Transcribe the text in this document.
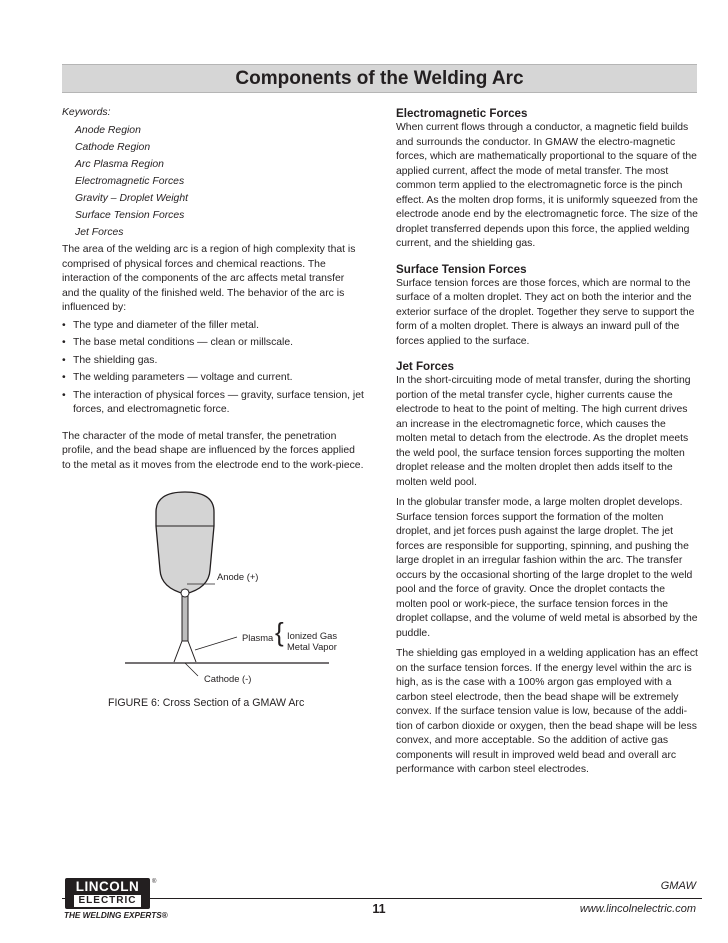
Components of the Welding Arc

Keywords:

Anode Region
Cathode Region
Arc Plasma Region
Electromagnetic Forces
Gravity – Droplet Weight
Surface Tension Forces
Jet Forces

The area of the welding arc is a region of high complexity that is comprised of physical forces and chemical reactions. The interaction of the components of the arc affects metal transfer and the quality of the finished weld. The behavior of the arc is influenced by:

• The type and diameter of the filler metal.
• The base metal conditions — clean or millscale.
• The shielding gas.
• The welding parameters — voltage and current.
• The interaction of physical forces — gravity, surface tension, jet forces, and electromagnetic force.

The character of the mode of metal transfer, the penetration profile, and the bead shape are influenced by the forces applied to the metal as it moves from the electrode end to the work-piece.

Anode (+)
Plasma { Ionized Gas
Metal Vapor
Cathode (-)
FIGURE 6: Cross Section of a GMAW Arc
Electromagnetic Forces

When current flows through a conductor, a magnetic field builds and surrounds the conductor. In GMAW the electro-magnetic forces, which are mathematically proportional to the square of the applied current, affect the mode of metal transfer. The most common term applied to the electromagnetic force is the pinch effect. As the molten drop forms, it is uniformly squeezed from the electrode anode end by the electromagnetic force. The size of the droplet transferred depends upon this force, the applied welding current, and the shielding gas.

Surface Tension Forces

Surface tension forces are those forces, which are normal to the surface of a molten droplet. They act on both the interior and the exterior surface of the droplet. Together they serve to support the form of a molten droplet. There is always an inward pull of the forces applied to the surface.

Jet Forces

In the short-circuiting mode of metal transfer, during the shorting portion of the metal transfer cycle, higher currents cause the electrode to heat to the point of melting. The high current drives an increase in the electromagnetic force, which causes the molten metal to detach from the electrode. As the droplet meets the weld pool, the surface tension forces supporting the molten droplet release and the molten droplet then adds itself to the molten weld pool.

In the globular transfer mode, a large molten droplet develops. Surface tension forces support the formation of the molten droplet, and jet forces push against the large droplet. The jet forces are responsible for supporting, spinning, and pushing the large droplet in an irregular fashion within the arc. The transfer occurs by the occasional shorting of the large droplet to the weld pool and the force of gravity. Once the droplet contacts the molten pool or work-piece, the surface tension forces in the droplet collapse, and the volume of weld metal is absorbed by the puddle.

The shielding gas employed in a welding application has an effect on the surface tension forces. If the energy level within the arc is high, as is the case with a 100% argon gas employed with a carbon steel electrode, then the bead shape will be extremely convex. If the surface tension value is low, because of the addi-tion of carbon dioxide or oxygen, then the bead shape will be less convex, and more acceptable. So the addition of active gas components will result in improved weld bead and overall arc performance with carbon steel electrodes.

LINCOLN
ELECTRIC
®
THE WELDING EXPERTS®	11
GMAW
www.lincolnelectric.com
